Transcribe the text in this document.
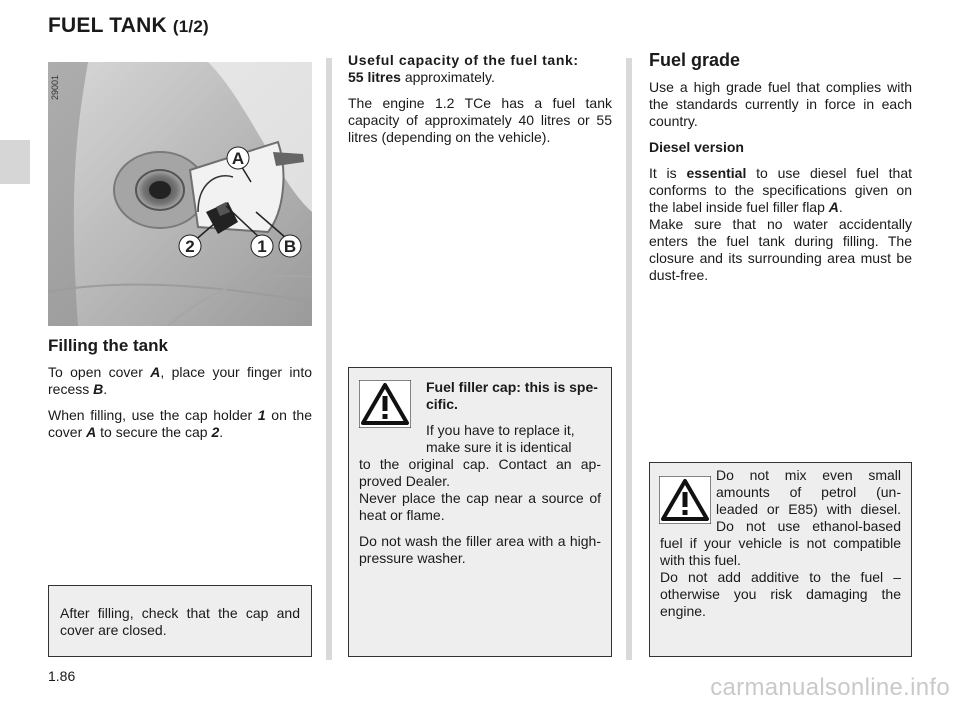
FUEL TANK (1/2)
29001
A
2	1 B
Filling the tank

To open cover A, place your finger into recess B.

When filling, use the cap holder 1 on the cover A to secure the cap 2.

After filling, check that the cap and cover are closed.

Useful capacity of the fuel tank:
55 litres approximately.

The engine 1.2 TCe has a fuel tank capacity of approximately 40 litres or 55 litres (depending on the vehicle).

Fuel filler cap: this is spe-
cific.
If you have to replace it,
make sure it is identical

to the original cap. Contact an ap-proved Dealer.
Never place the cap near a source of heat or flame.

Do not wash the filler area with a high-pressure washer.

Fuel grade

Use a high grade fuel that complies with the standards currently in force in each country.

Diesel version

It is essential to use diesel fuel that conforms to the specifications given on the label inside fuel filler flap A.

Make sure that no water accidentally enters the fuel tank during filling. The closure and its surrounding area must be dust-free.

Do not mix even small
amounts of petrol (un-
leaded or E85) with diesel.
Do not use ethanol-based

fuel if your vehicle is not compatible with this fuel.
Do not add additive to the fuel – otherwise you risk damaging the engine.

1.86	carmanualsonline.info
